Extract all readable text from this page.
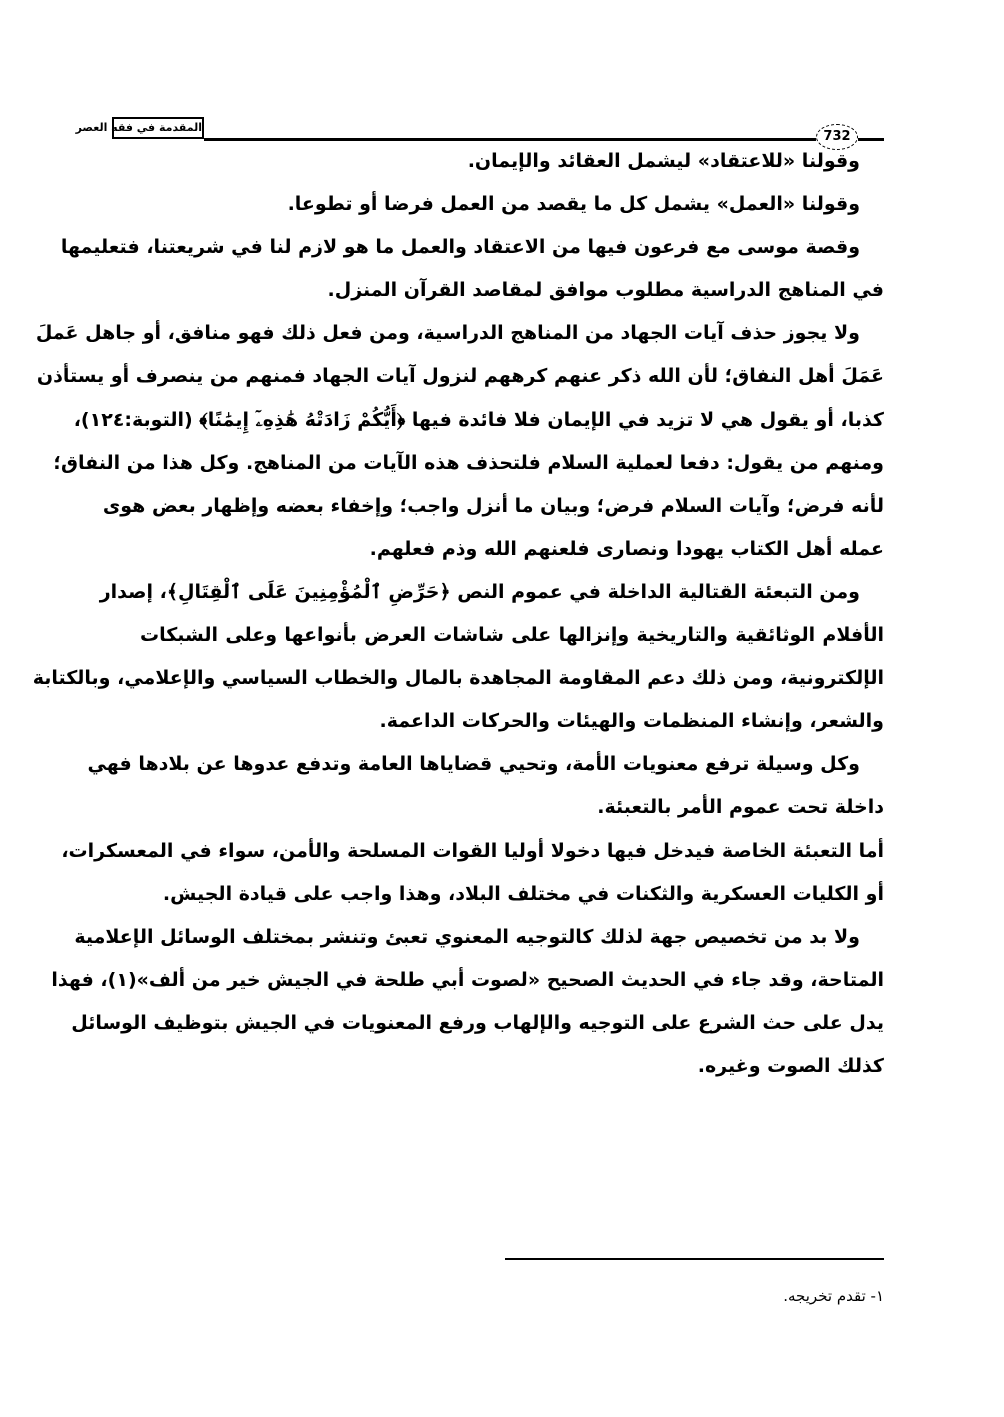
المقدمة في فقه العصر
732
وقولنا «للاعتقاد» ليشمل العقائد والإيمان.
وقولنا «العمل» يشمل كل ما يقصد من العمل فرضا أو تطوعا.
وقصة موسى مع فرعون فيها من الاعتقاد والعمل ما هو لازم لنا في شريعتنا، فتعليمها
في المناهج الدراسية مطلوب موافق لمقاصد القرآن المنزل.
ولا يجوز حذف آيات الجهاد من المناهج الدراسية، ومن فعل ذلك فهو منافق، أو جاهل عَملَ
عَمَلَ أهل النفاق؛ لأن الله ذكر عنهم كرههم لنزول آيات الجهاد فمنهم من ينصرف أو يستأذن
كذبا، أو يقول هي لا تزيد في الإيمان فلا فائدة فيها ﴿أَيُّكُمْ زَادَتْهُ هَٰذِهِۦٓ إِيمَٰنًا﴾ (التوبة:١٢٤)،
ومنهم من يقول: دفعا لعملية السلام فلتحذف هذه الآيات من المناهج. وكل هذا من النفاق؛
لأنه فرض؛ وآيات السلام فرض؛ وبيان ما أنزل واجب؛ وإخفاء بعضه وإظهار بعض هوى
عمله أهل الكتاب يهودا ونصارى فلعنهم الله وذم فعلهم.
ومن التبعئة القتالية الداخلة في عموم النص ﴿حَرِّضِ ٱلْمُؤْمِنِينَ عَلَى ٱلْقِتَالِ﴾، إصدار
الأفلام الوثائقية والتاريخية وإنزالها على شاشات العرض بأنواعها وعلى الشبكات
الإلكترونية، ومن ذلك دعم المقاومة المجاهدة بالمال والخطاب السياسي والإعلامي، وبالكتابة
والشعر، وإنشاء المنظمات والهيئات والحركات الداعمة.
وكل وسيلة ترفع معنويات الأمة، وتحيي قضاياها العامة وتدفع عدوها عن بلادها فهي
داخلة تحت عموم الأمر بالتعبئة.
أما التعبئة الخاصة فيدخل فيها دخولا أوليا القوات المسلحة والأمن، سواء في المعسكرات،
أو الكليات العسكرية والثكنات في مختلف البلاد، وهذا واجب على قيادة الجيش.
ولا بد من تخصيص جهة لذلك كالتوجيه المعنوي تعبئ وتنشر بمختلف الوسائل الإعلامية
المتاحة، وقد جاء في الحديث الصحيح «لصوت أبي طلحة في الجيش خير من ألف»(١)، فهذا
يدل على حث الشرع على التوجيه والإلهاب ورفع المعنويات في الجيش بتوظيف الوسائل
كذلك الصوت وغيره.
١- تقدم تخريجه.
